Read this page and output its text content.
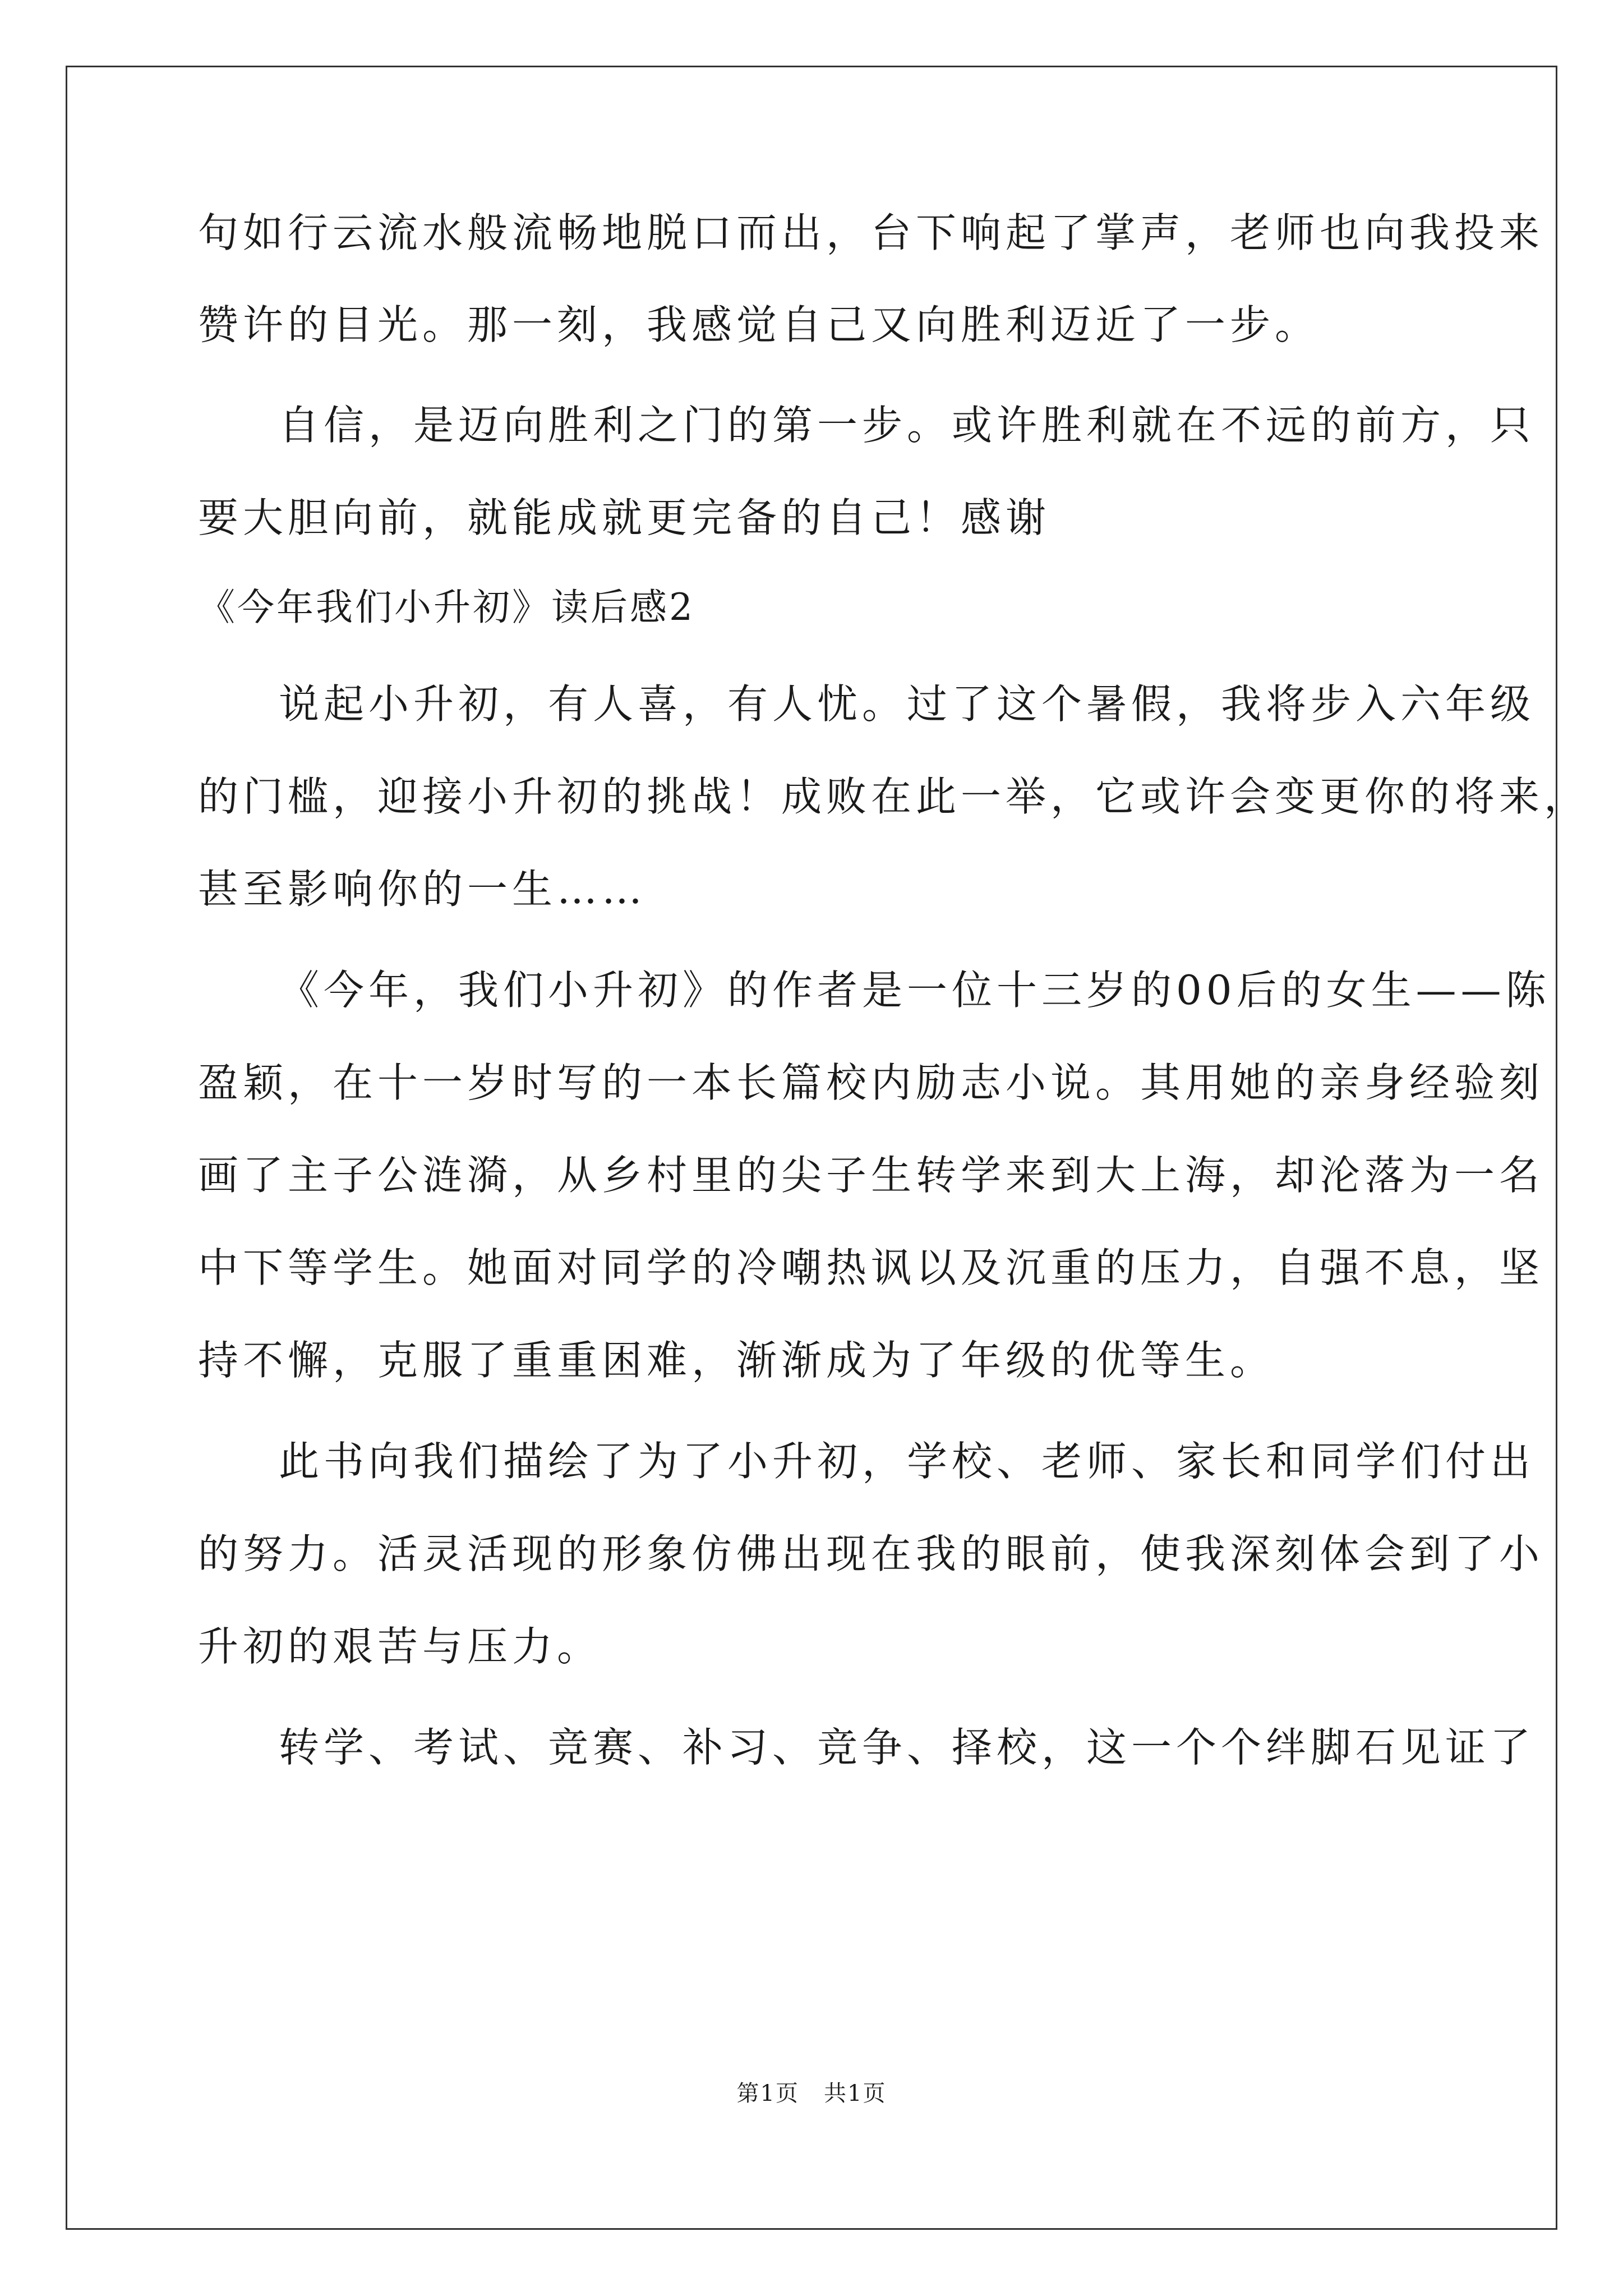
句如行云流水般流畅地脱口而出，台下响起了掌声，老师也向我投来
赞许的目光。那一刻，我感觉自己又向胜利迈近了一步。
自信，是迈向胜利之门的第一步。或许胜利就在不远的前方，只
要大胆向前，就能成就更完备的自己！感谢
《今年我们小升初》读后感2
说起小升初，有人喜，有人忧。过了这个暑假，我将步入六年级
的门槛，迎接小升初的挑战！成败在此一举，它或许会变更你的将来，
甚至影响你的一生……
《今年，我们小升初》的作者是一位十三岁的00后的女生——陈
盈颖，在十一岁时写的一本长篇校内励志小说。其用她的亲身经验刻
画了主子公涟漪，从乡村里的尖子生转学来到大上海，却沦落为一名
中下等学生。她面对同学的冷嘲热讽以及沉重的压力，自强不息，坚
持不懈，克服了重重困难，渐渐成为了年级的优等生。
此书向我们描绘了为了小升初，学校、老师、家长和同学们付出
的努力。活灵活现的形象仿佛出现在我的眼前，使我深刻体会到了小
升初的艰苦与压力。
转学、考试、竞赛、补习、竞争、择校，这一个个绊脚石见证了
第1页 共1页
